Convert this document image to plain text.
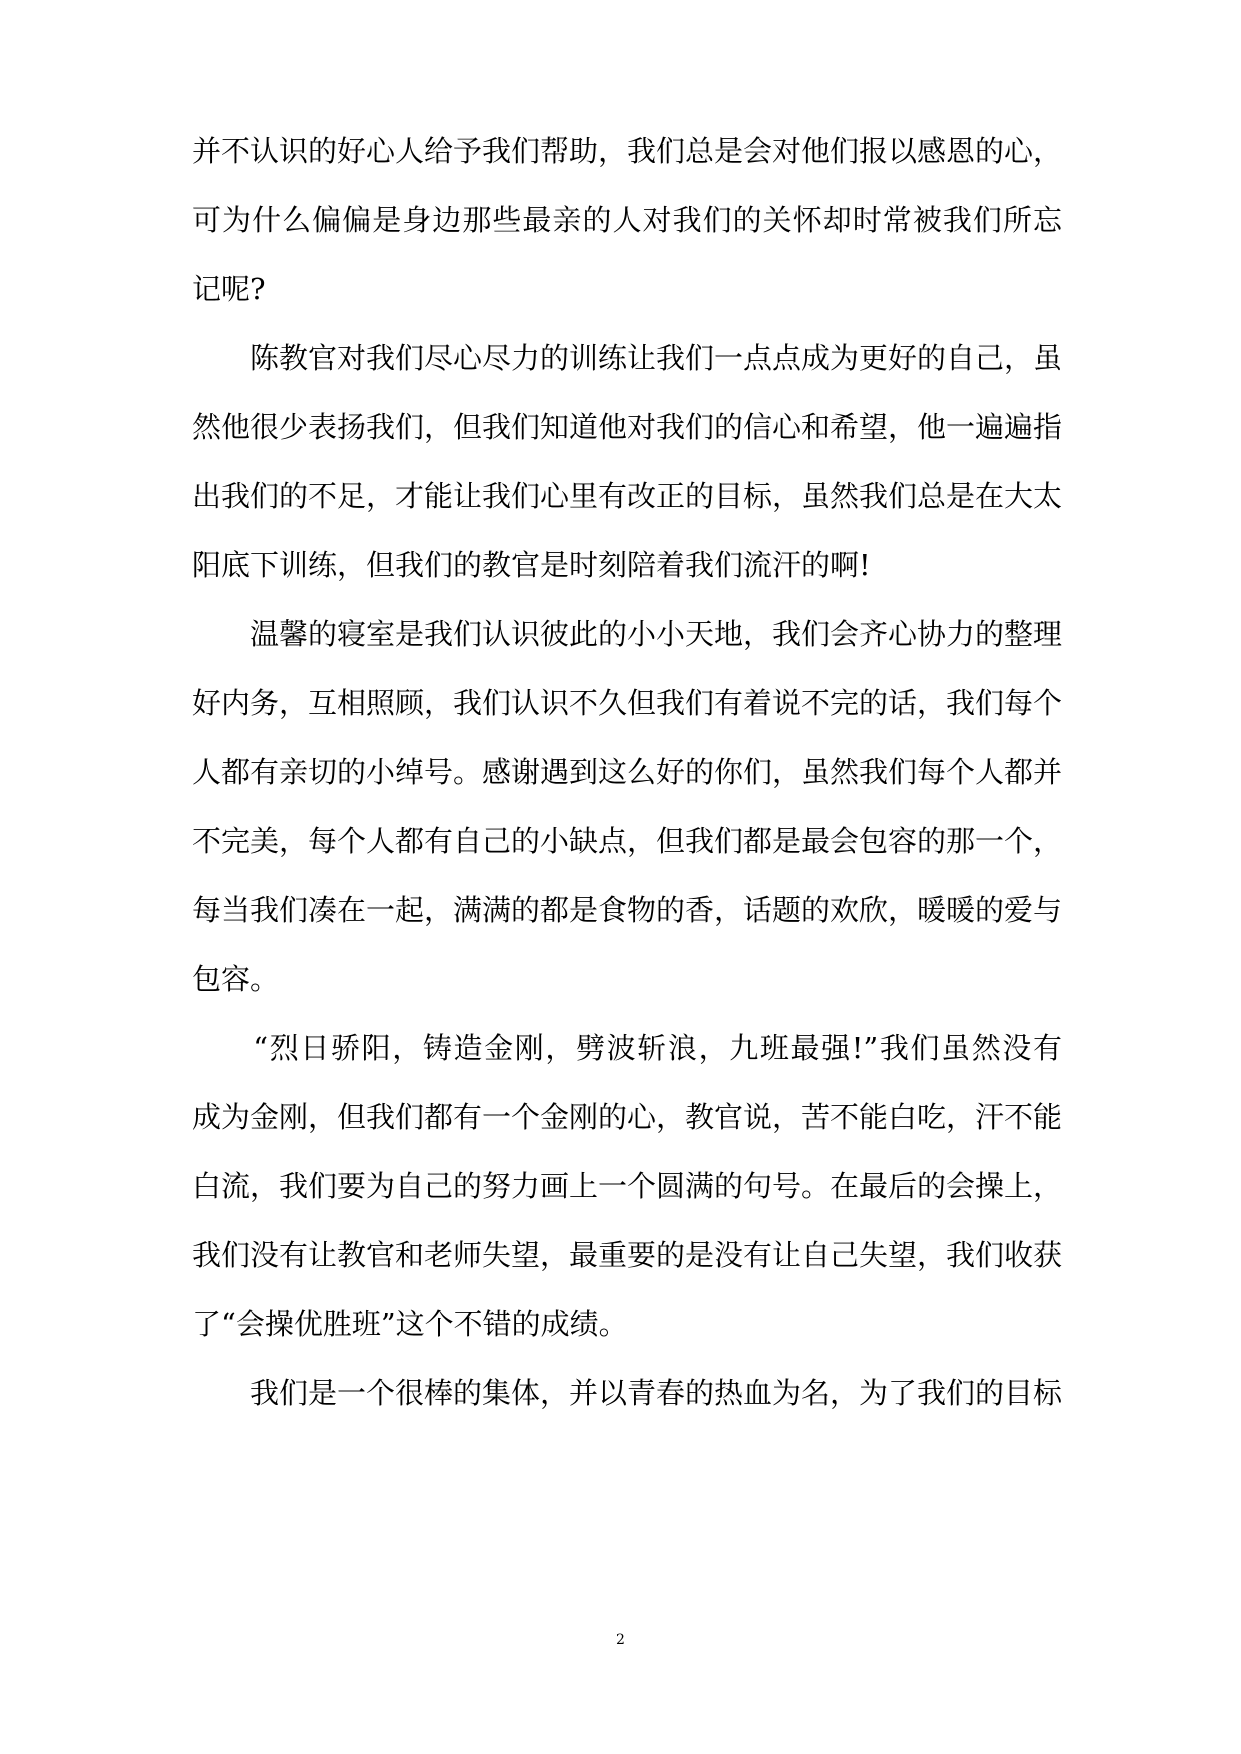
并不认识的好心人给予我们帮助，我们总是会对他们报以感恩的心，
可为什么偏偏是身边那些最亲的人对我们的关怀却时常被我们所忘
记呢?
　　陈教官对我们尽心尽力的训练让我们一点点成为更好的自己，虽
然他很少表扬我们，但我们知道他对我们的信心和希望，他一遍遍指
出我们的不足，才能让我们心里有改正的目标，虽然我们总是在大太
阳底下训练，但我们的教官是时刻陪着我们流汗的啊!
　　温馨的寝室是我们认识彼此的小小天地，我们会齐心协力的整理
好内务，互相照顾，我们认识不久但我们有着说不完的话，我们每个
人都有亲切的小绰号。感谢遇到这么好的你们，虽然我们每个人都并
不完美，每个人都有自己的小缺点，但我们都是最会包容的那一个，
每当我们凑在一起，满满的都是食物的香，话题的欢欣，暖暖的爱与
包容。
　　“烈日骄阳，铸造金刚，劈波斩浪，九班最强!”我们虽然没有
成为金刚，但我们都有一个金刚的心，教官说，苦不能白吃，汗不能
白流，我们要为自己的努力画上一个圆满的句号。在最后的会操上，
我们没有让教官和老师失望，最重要的是没有让自己失望，我们收获
了“会操优胜班”这个不错的成绩。
　　我们是一个很棒的集体，并以青春的热血为名，为了我们的目标
2
